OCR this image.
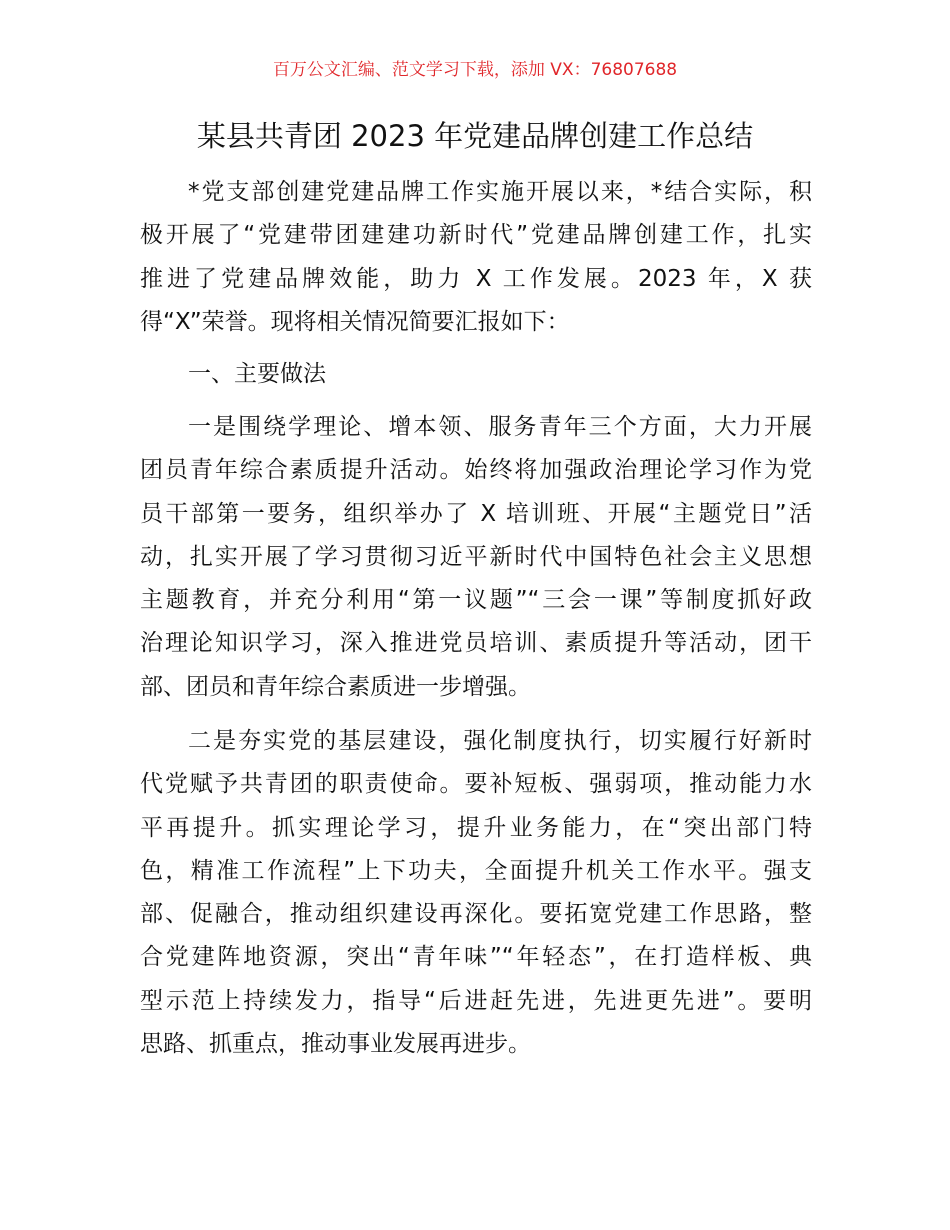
百万公文汇编、范文学习下载，添加 VX：76807688
某县共青团 2023 年党建品牌创建工作总结
*党支部创建党建品牌工作实施开展以来，*结合实际，积
极开展了“党建带团建建功新时代”党建品牌创建工作，扎实
推进了党建品牌效能，助力 X 工作发展。2023 年，X 获
得“X”荣誉。现将相关情况简要汇报如下：
一、主要做法
一是围绕学理论、增本领、服务青年三个方面，大力开展
团员青年综合素质提升活动。始终将加强政治理论学习作为党
员干部第一要务，组织举办了 X 培训班、开展“主题党日”活
动，扎实开展了学习贯彻习近平新时代中国特色社会主义思想
主题教育，并充分利用“第一议题”“三会一课”等制度抓好政
治理论知识学习，深入推进党员培训、素质提升等活动，团干
部、团员和青年综合素质进一步增强。
二是夯实党的基层建设，强化制度执行，切实履行好新时
代党赋予共青团的职责使命。要补短板、强弱项，推动能力水
平再提升。抓实理论学习，提升业务能力，在“突出部门特
色，精准工作流程”上下功夫，全面提升机关工作水平。强支
部、促融合，推动组织建设再深化。要拓宽党建工作思路，整
合党建阵地资源，突出“青年味”“年轻态”，在打造样板、典
型示范上持续发力，指导“后进赶先进，先进更先进”。要明
思路、抓重点，推动事业发展再进步。
